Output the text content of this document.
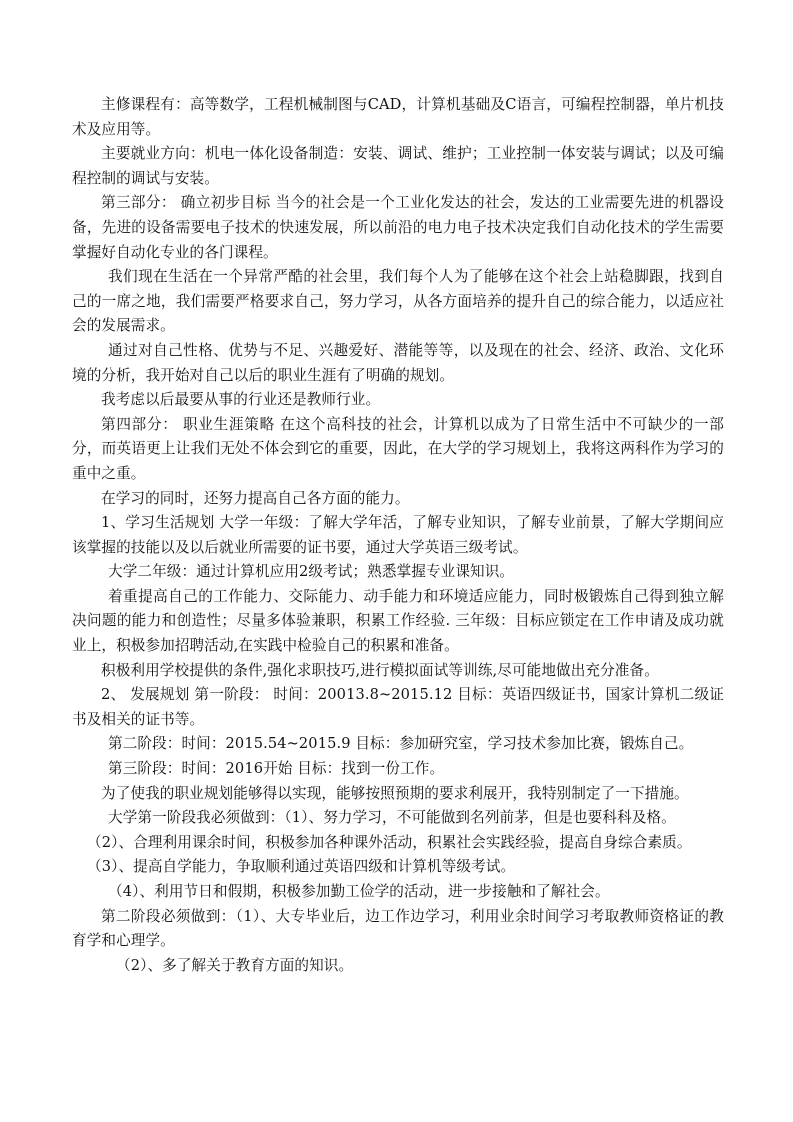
主修课程有：高等数学，工程机械制图与CAD，计算机基础及C语言，可编程控制器，单片机技术及应用等。

主要就业方向：机电一体化设备制造：安装、调试、维护；工业控制一体安装与调试；以及可编程控制的调试与安装。

第三部分： 确立初步目标 当今的社会是一个工业化发达的社会，发达的工业需要先进的机器设备，先进的设备需要电子技术的快速发展，所以前沿的电力电子技术决定我们自动化技术的学生需要掌握好自动化专业的各门课程。

我们现在生活在一个异常严酷的社会里，我们每个人为了能够在这个社会上站稳脚跟，找到自己的一席之地，我们需要严格要求自己，努力学习，从各方面培养的提升自己的综合能力，以适应社会的发展需求。

通过对自己性格、优势与不足、兴趣爱好、潜能等等，以及现在的社会、经济、政治、文化环境的分析，我开始对自己以后的职业生涯有了明确的规划。

我考虑以后最要从事的行业还是教师行业。

第四部分： 职业生涯策略 在这个高科技的社会，计算机以成为了日常生活中不可缺少的一部分，而英语更上让我们无处不体会到它的重要，因此，在大学的学习规划上，我将这两科作为学习的重中之重。

在学习的同时，还努力提高自己各方面的能力。

1、学习生活规划 大学一年级：了解大学年活，了解专业知识，了解专业前景，了解大学期间应该掌握的技能以及以后就业所需要的证书要，通过大学英语三级考试。

大学二年级：通过计算机应用2级考试；熟悉掌握专业课知识。

着重提高自己的工作能力、交际能力、动手能力和环境适应能力，同时极锻炼自己得到独立解决问题的能力和创造性；尽量多体验兼职，积累工作经验. 三年级：目标应锁定在工作申请及成功就业上，积极参加招聘活动,在实践中检验自己的积累和准备。

积极利用学校提供的条件,强化求职技巧,进行模拟面试等训练,尽可能地做出充分准备。

2、 发展规划 第一阶段： 时间：20013.8~2015.12 目标：英语四级证书，国家计算机二级证书及相关的证书等。

第二阶段：时间：2015.54~2015.9 目标：参加研究室，学习技术参加比赛，锻炼自己。

第三阶段：时间：2016开始 目标：找到一份工作。

为了使我的职业规划能够得以实现，能够按照预期的要求利展开，我特别制定了一下措施。

大学第一阶段我必须做到：（1）、努力学习，不可能做到名列前茅，但是也要科科及格。

（2）、合理利用课余时间，积极参加各种课外活动，积累社会实践经验，提高自身综合素质。

（3）、提高自学能力，争取顺利通过英语四级和计算机等级考试。

（4）、利用节日和假期，积极参加勤工俭学的活动，进一步接触和了解社会。

第二阶段必须做到：（1）、大专毕业后，边工作边学习，利用业余时间学习考取教师资格证的教育学和心理学。

（2）、多了解关于教育方面的知识。
